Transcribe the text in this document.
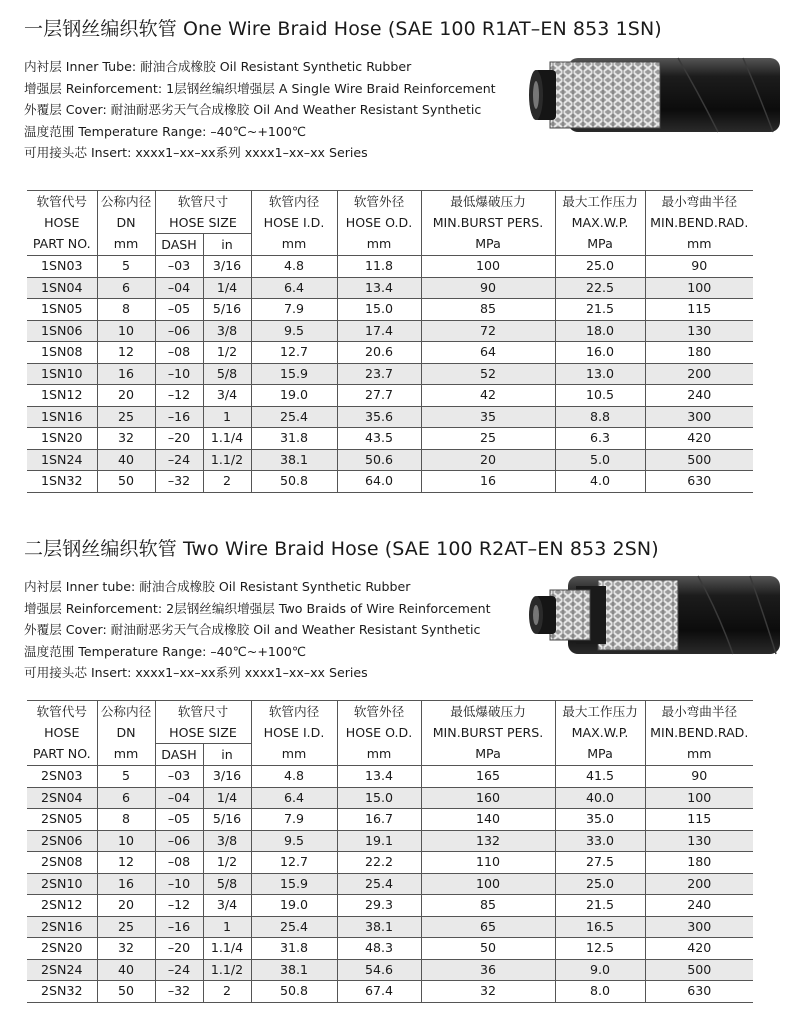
一层钢丝编织软管 One Wire Braid Hose (SAE 100 R1AT–EN 853 1SN)
内衬层 Inner Tube: 耐油合成橡胶 Oil Resistant Synthetic Rubber
增强层 Reinforcement: 1层钢丝编织增强层 A Single Wire Braid Reinforcement
外覆层 Cover: 耐油耐恶劣天气合成橡胶 Oil And Weather Resistant Synthetic
温度范围 Temperature Range: –40℃~+100℃
可用接头芯 Insert: xxxx1–xx–xx系列 xxxx1–xx–xx Series
软管代号	公称内径	软管尺寸		软管内径	软管外径	最低爆破压力	最大工作压力	最小弯曲半径
HOSE	DN	HOSE SIZE		HOSE I.D.	HOSE O.D.	MIN.BURST PERS.	MAX.W.P.	MIN.BEND.RAD.
PART NO.	mm	DASH	in	mm	mm	MPa	MPa	mm
1SN03	5	–03	3/16	4.8	11.8	100	25.0	90
1SN04	6	–04	1/4	6.4	13.4	90	22.5	100
1SN05	8	–05	5/16	7.9	15.0	85	21.5	115
1SN06	10	–06	3/8	9.5	17.4	72	18.0	130
1SN08	12	–08	1/2	12.7	20.6	64	16.0	180
1SN10	16	–10	5/8	15.9	23.7	52	13.0	200
1SN12	20	–12	3/4	19.0	27.7	42	10.5	240
1SN16	25	–16	1	25.4	35.6	35	8.8	300
1SN20	32	–20	1.1/4	31.8	43.5	25	6.3	420
1SN24	40	–24	1.1/2	38.1	50.6	20	5.0	500
1SN32	50	–32	2	50.8	64.0	16	4.0	630
二层钢丝编织软管 Two Wire Braid Hose (SAE 100 R2AT–EN 853 2SN)
内衬层 Inner tube: 耐油合成橡胶 Oil Resistant Synthetic Rubber
增强层 Reinforcement: 2层钢丝编织增强层 Two Braids of Wire Reinforcement
外覆层 Cover: 耐油耐恶劣天气合成橡胶 Oil and Weather Resistant Synthetic
温度范围 Temperature Range: –40℃~+100℃
可用接头芯 Insert: xxxx1–xx–xx系列 xxxx1–xx–xx Series
软管代号	公称内径	软管尺寸		软管内径	软管外径	最低爆破压力	最大工作压力	最小弯曲半径
HOSE	DN	HOSE SIZE		HOSE I.D.	HOSE O.D.	MIN.BURST PERS.	MAX.W.P.	MIN.BEND.RAD.
PART NO.	mm	DASH	in	mm	mm	MPa	MPa	mm
2SN03	5	–03	3/16	4.8	13.4	165	41.5	90
2SN04	6	–04	1/4	6.4	15.0	160	40.0	100
2SN05	8	–05	5/16	7.9	16.7	140	35.0	115
2SN06	10	–06	3/8	9.5	19.1	132	33.0	130
2SN08	12	–08	1/2	12.7	22.2	110	27.5	180
2SN10	16	–10	5/8	15.9	25.4	100	25.0	200
2SN12	20	–12	3/4	19.0	29.3	85	21.5	240
2SN16	25	–16	1	25.4	38.1	65	16.5	300
2SN20	32	–20	1.1/4	31.8	48.3	50	12.5	420
2SN24	40	–24	1.1/2	38.1	54.6	36	9.0	500
2SN32	50	–32	2	50.8	67.4	32	8.0	630
